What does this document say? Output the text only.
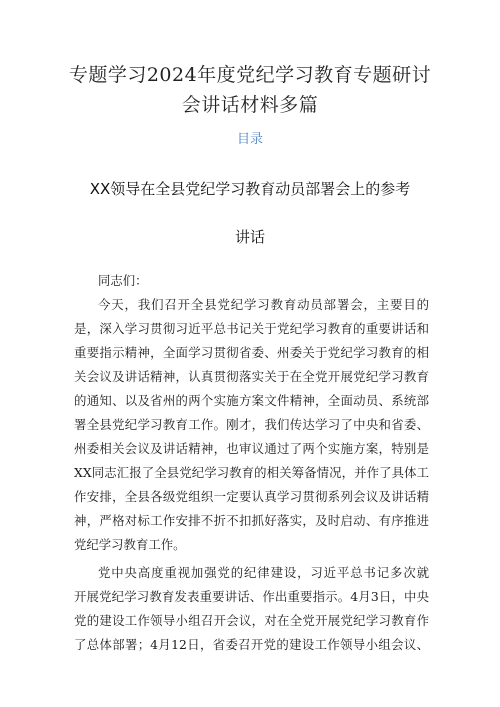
专题学习2024年度党纪学习教育专题研讨
会讲话材料多篇
目录
XX领导在全县党纪学习教育动员部署会上的参考
讲话
同志们：
今天，我们召开全县党纪学习教育动员部署会，主要目的
是，深入学习贯彻习近平总书记关于党纪学习教育的重要讲话和
重要指示精神，全面学习贯彻省委、州委关于党纪学习教育的相
关会议及讲话精神，认真贯彻落实关于在全党开展党纪学习教育
的通知、以及省州的两个实施方案文件精神，全面动员、系统部
署全县党纪学习教育工作。刚才，我们传达学习了中央和省委、
州委相关会议及讲话精神，也审议通过了两个实施方案，特别是
XX同志汇报了全县党纪学习教育的相关筹备情况，并作了具体工
作安排，全县各级党组织一定要认真学习贯彻系列会议及讲话精
神，严格对标工作安排不折不扣抓好落实，及时启动、有序推进
党纪学习教育工作。
党中央高度重视加强党的纪律建设，习近平总书记多次就
开展党纪学习教育发表重要讲话、作出重要指示。4月3日，中央
党的建设工作领导小组召开会议，对在全党开展党纪学习教育作
了总体部署；4月12日，省委召开党的建设工作领导小组会议、
